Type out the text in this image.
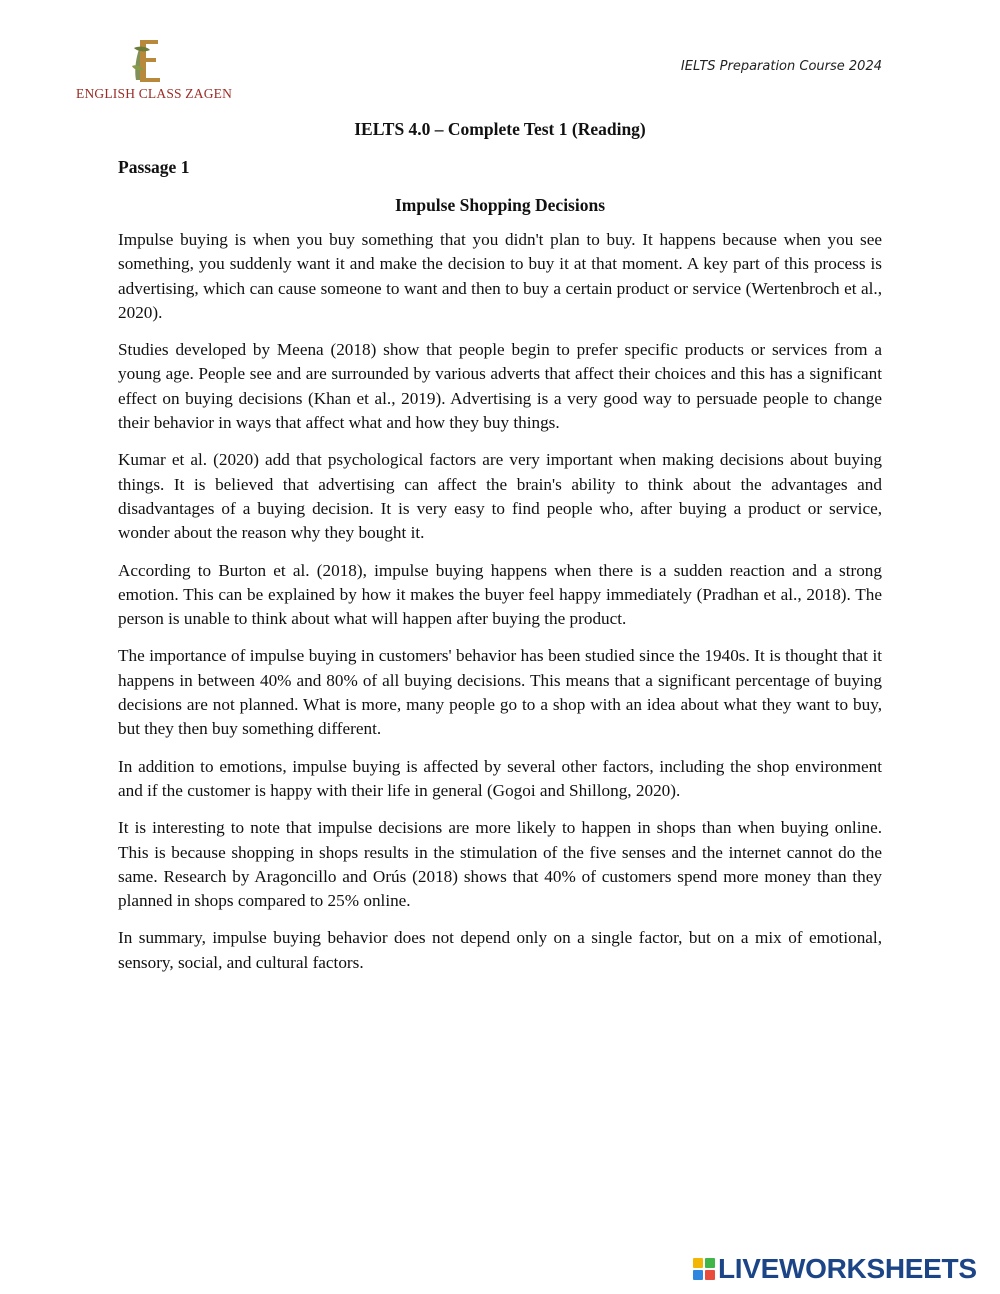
ENGLISH CLASS ZAGEN
IELTS Preparation Course 2024
IELTS 4.0 – Complete Test 1 (Reading)
Passage 1
Impulse Shopping Decisions

Impulse buying is when you buy something that you didn't plan to buy. It happens because when you see something, you suddenly want it and make the decision to buy it at that moment. A key part of this process is advertising, which can cause someone to want and then to buy a certain product or service (Wertenbroch et al., 2020).

Studies developed by Meena (2018) show that people begin to prefer specific products or services from a young age. People see and are surrounded by various adverts that affect their choices and this has a significant effect on buying decisions (Khan et al., 2019). Advertising is a very good way to persuade people to change their behavior in ways that affect what and how they buy things.

Kumar et al. (2020) add that psychological factors are very important when making decisions about buying things. It is believed that advertising can affect the brain's ability to think about the advantages and disadvantages of a buying decision. It is very easy to find people who, after buying a product or service, wonder about the reason why they bought it.

According to Burton et al. (2018), impulse buying happens when there is a sudden reaction and a strong emotion. This can be explained by how it makes the buyer feel happy immediately (Pradhan et al., 2018). The person is unable to think about what will happen after buying the product.

The importance of impulse buying in customers' behavior has been studied since the 1940s. It is thought that it happens in between 40% and 80% of all buying decisions. This means that a significant percentage of buying decisions are not planned. What is more, many people go to a shop with an idea about what they want to buy, but they then buy something different.

In addition to emotions, impulse buying is affected by several other factors, including the shop environment and if the customer is happy with their life in general (Gogoi and Shillong, 2020).

It is interesting to note that impulse decisions are more likely to happen in shops than when buying online. This is because shopping in shops results in the stimulation of the five senses and the internet cannot do the same. Research by Aragoncillo and Orús (2018) shows that 40% of customers spend more money than they planned in shops compared to 25% online.

In summary, impulse buying behavior does not depend only on a single factor, but on a mix of emotional, sensory, social, and cultural factors.

LIVEWORKSHEETS
